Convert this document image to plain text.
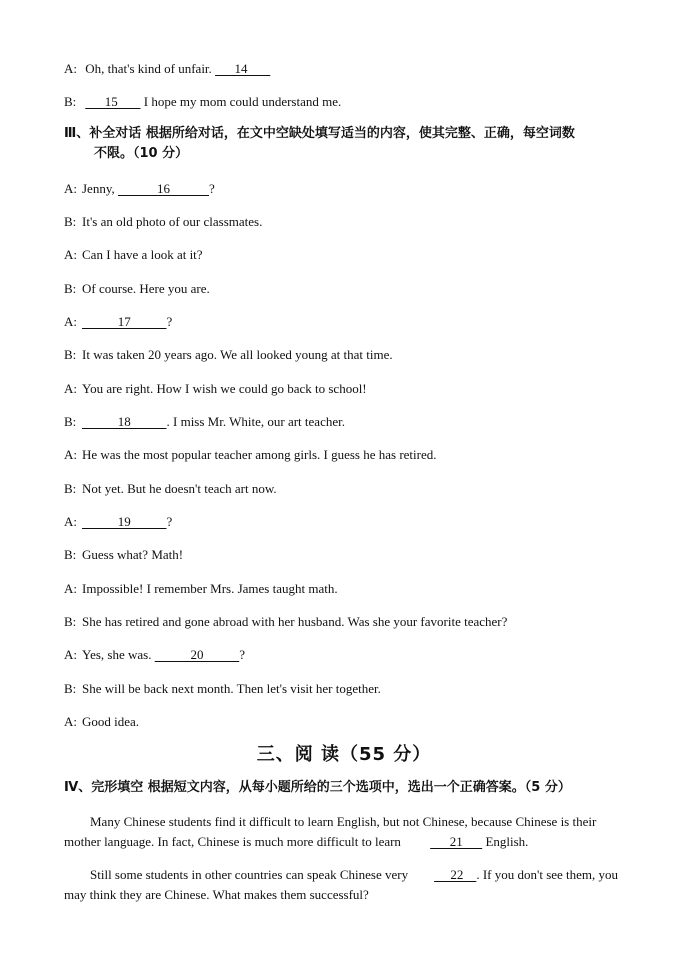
A: Oh, that's kind of unfair.       14
B:       15        I hope my mom could understand me.
Ⅲ、补全对话 根据所给对话，在文中空缺处填写适当的内容，使其完整、正确，每空词数
不限。（10 分）
A: Jenny,             16            ?
B: It's an old photo of our classmates.
A: Can I have a look at it?
B: Of course. Here you are.
A:           17           ?
B: It was taken 20 years ago. We all looked young at that time.
A: You are right. How I wish we could go back to school!
B:           18           . I miss Mr. White, our art teacher.
A: He was the most popular teacher among girls. I guess he has retired.
B: Not yet. But he doesn't teach art now.
A:           19           ?
B: Guess what? Math!
A: Impossible! I remember Mrs. James taught math.
B: She has retired and gone abroad with her husband. Was she your favorite teacher?
A: Yes, she was.            20           ?
B: She will be back next month. Then let's visit her together.
A: Good idea.
三、阅 读（55 分）
Ⅳ、完形填空 根据短文内容，从每小题所给的三个选项中，选出一个正确答案。（5 分）
Many Chinese students find it difficult to learn English, but not Chinese, because Chinese is their mother language. In fact, Chinese is much more difficult to learn       21       English.
Still some students in other countries can speak Chinese very     22    . If you don't see them, you may think they are Chinese. What makes them successful?
